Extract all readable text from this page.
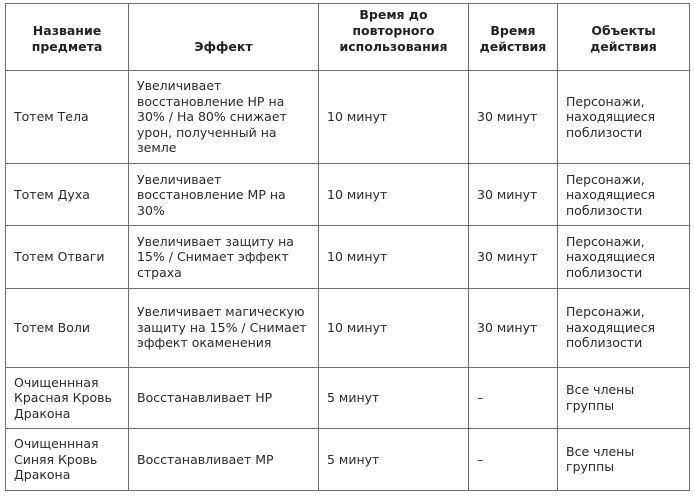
Название предмета	Эффект	Время до повторного использования	Время действия	Объекты действия
Тотем Тела	Увеличивает восстановление HP на 30% / На 80% снижает урон, полученный на земле	10 минут	30 минут	Персонажи, находящиеся поблизости
Тотем Духа	Увеличивает восстановление MP на 30%	10 минут	30 минут	Персонажи, находящиеся поблизости
Тотем Отваги	Увеличивает защиту на 15% / Снимает эффект страха	10 минут	30 минут	Персонажи, находящиеся поблизости
Тотем Воли	Увеличивает магическую защиту на 15% / Снимает эффект окаменения	10 минут	30 минут	Персонажи, находящиеся поблизости
Очищеннная Красная Кровь Дракона	Восстанавливает HP	5 минут	–	Все члены группы
Очищеннная Синяя Кровь Дракона	Восстанавливает MP	5 минут	–	Все члены группы
